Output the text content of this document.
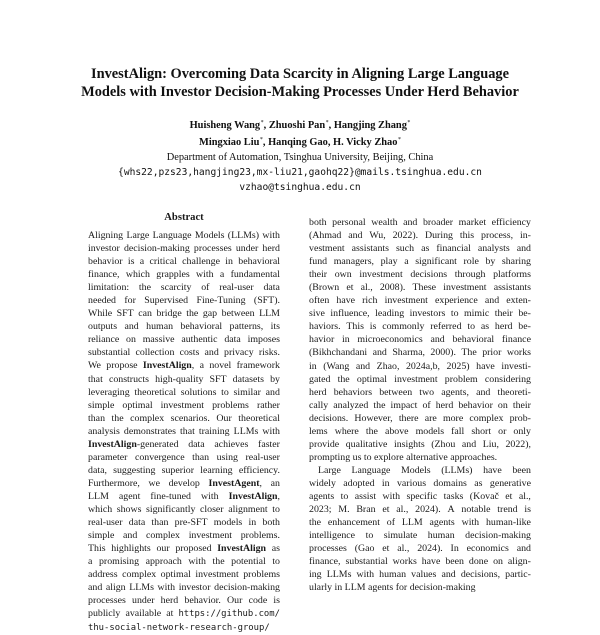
InvestAlign: Overcoming Data Scarcity in Aligning Large Language
Models with Investor Decision-Making Processes Under Herd Behavior
Huisheng Wang*, Zhuoshi Pan*, Hangjing Zhang*
Mingxiao Liu*, Hanqing Gao, H. Vicky Zhao*
Department of Automation, Tsinghua University, Beijing, China
{whs22,pzs23,hangjing23,mx-liu21,gaohq22}@mails.tsinghua.edu.cn
vzhao@tsinghua.edu.cn
Abstract
Aligning Large Language Models (LLMs) with
investor decision-making processes under herd
behavior is a critical challenge in behavioral
finance, which grapples with a fundamental
limitation: the scarcity of real-user data
needed for Supervised Fine-Tuning (SFT).
While SFT can bridge the gap between LLM
outputs and human behavioral patterns, its
reliance on massive authentic data imposes
substantial collection costs and privacy risks.
We propose InvestAlign, a novel framework
that constructs high-quality SFT datasets by
leveraging theoretical solutions to similar and
simple optimal investment problems rather
than the complex scenarios. Our theoretical
analysis demonstrates that training LLMs with
InvestAlign-generated data achieves faster
parameter convergence than using real-user
data, suggesting superior learning efficiency.
Furthermore, we develop InvestAgent, an
LLM agent fine-tuned with InvestAlign,
which shows significantly closer alignment to
real-user data than pre-SFT models in both
simple and complex investment problems.
This highlights our proposed InvestAlign as
a promising approach with the potential to
address complex optimal investment problems
and align LLMs with investor decision-making
processes under herd behavior. Our code is
publicly available at https://github.com/
thu-social-network-research-group/
both personal wealth and broader market efficiency
(Ahmad and Wu, 2022). During this process, in-
vestment assistants such as financial analysts and
fund managers, play a significant role by sharing
their own investment decisions through platforms
(Brown et al., 2008). These investment assistants
often have rich investment experience and exten-
sive influence, leading investors to mimic their be-
haviors. This is commonly referred to as herd be-
havior in microeconomics and behavioral finance
(Bikhchandani and Sharma, 2000). The prior works
in (Wang and Zhao, 2024a,b, 2025) have investi-
gated the optimal investment problem considering
herd behaviors between two agents, and theoreti-
cally analyzed the impact of herd behavior on their
decisions. However, there are more complex prob-
lems where the above models fall short or only
provide qualitative insights (Zhou and Liu, 2022),
prompting us to explore alternative approaches.
Large Language Models (LLMs) have been
widely adopted in various domains as generative
agents to assist with specific tasks (Kovač et al.,
2023; M. Bran et al., 2024). A notable trend is
the enhancement of LLM agents with human-like
intelligence to simulate human decision-making
processes (Gao et al., 2024). In economics and
finance, substantial works have been done on align-
ing LLMs with human values and decisions, partic-
ularly in LLM agents for decision-making
